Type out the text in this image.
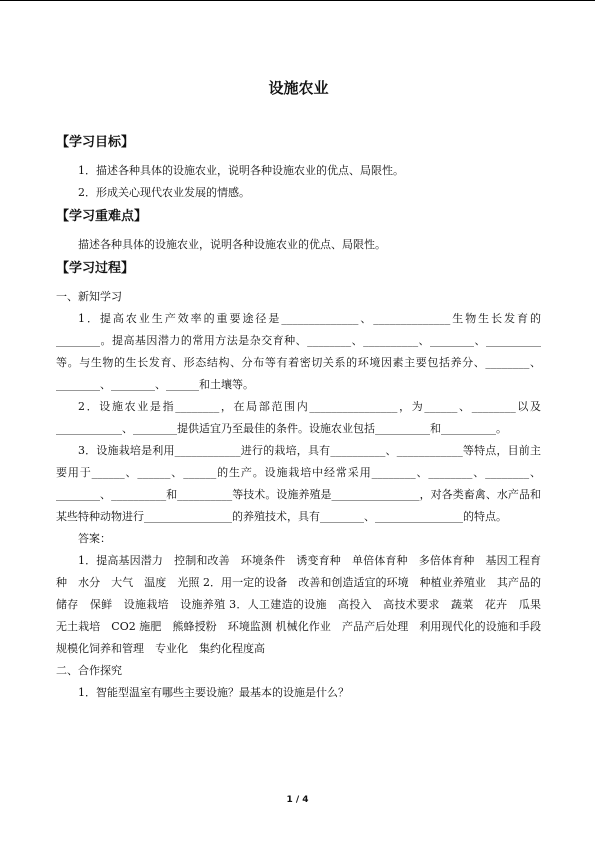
设施农业
【学习目标】
1．描述各种具体的设施农业，说明各种设施农业的优点、局限性。
2．形成关心现代农业发展的情感。
【学习重难点】
描述各种具体的设施农业，说明各种设施农业的优点、局限性。
【学习过程】
一、新知学习
1．提高农业生产效率的重要途径是______________、______________生物生长发育的________。提高基因潜力的常用方法是杂交育种、________、__________、________、__________等。与生物的生长发育、形态结构、分布等有着密切关系的环境因素主要包括养分、________、________、________、______和土壤等。
2．设施农业是指________，在局部范围内________________，为______、________以及____________、________提供适宜乃至最佳的条件。设施农业包括__________和__________。
3．设施栽培是利用____________进行的栽培，具有__________、____________等特点，目前主要用于______、______、______的生产。设施栽培中经常采用________、________、________、________、__________和__________等技术。设施养殖是________________，对各类畜禽、水产品和某些特种动物进行________________的养殖技术，具有________、________________的特点。
答案：
1．提高基因潜力　控制和改善　环境条件　诱变育种　单倍体育种　多倍体育种　基因工程育种　水分　大气　温度　光照 2．用一定的设备　改善和创造适宜的环境　种植业养殖业　其产品的储存　保鲜　设施栽培　设施养殖 3．人工建造的设施　高投入　高技术要求　蔬菜　花卉　瓜果　无土栽培　CO2 施肥　熊蜂授粉　环境监测 机械化作业　产品产后处理　利用现代化的设施和手段　规模化饲养和管理　专业化　集约化程度高
二、合作探究
1．智能型温室有哪些主要设施？最基本的设施是什么？
1 / 4
